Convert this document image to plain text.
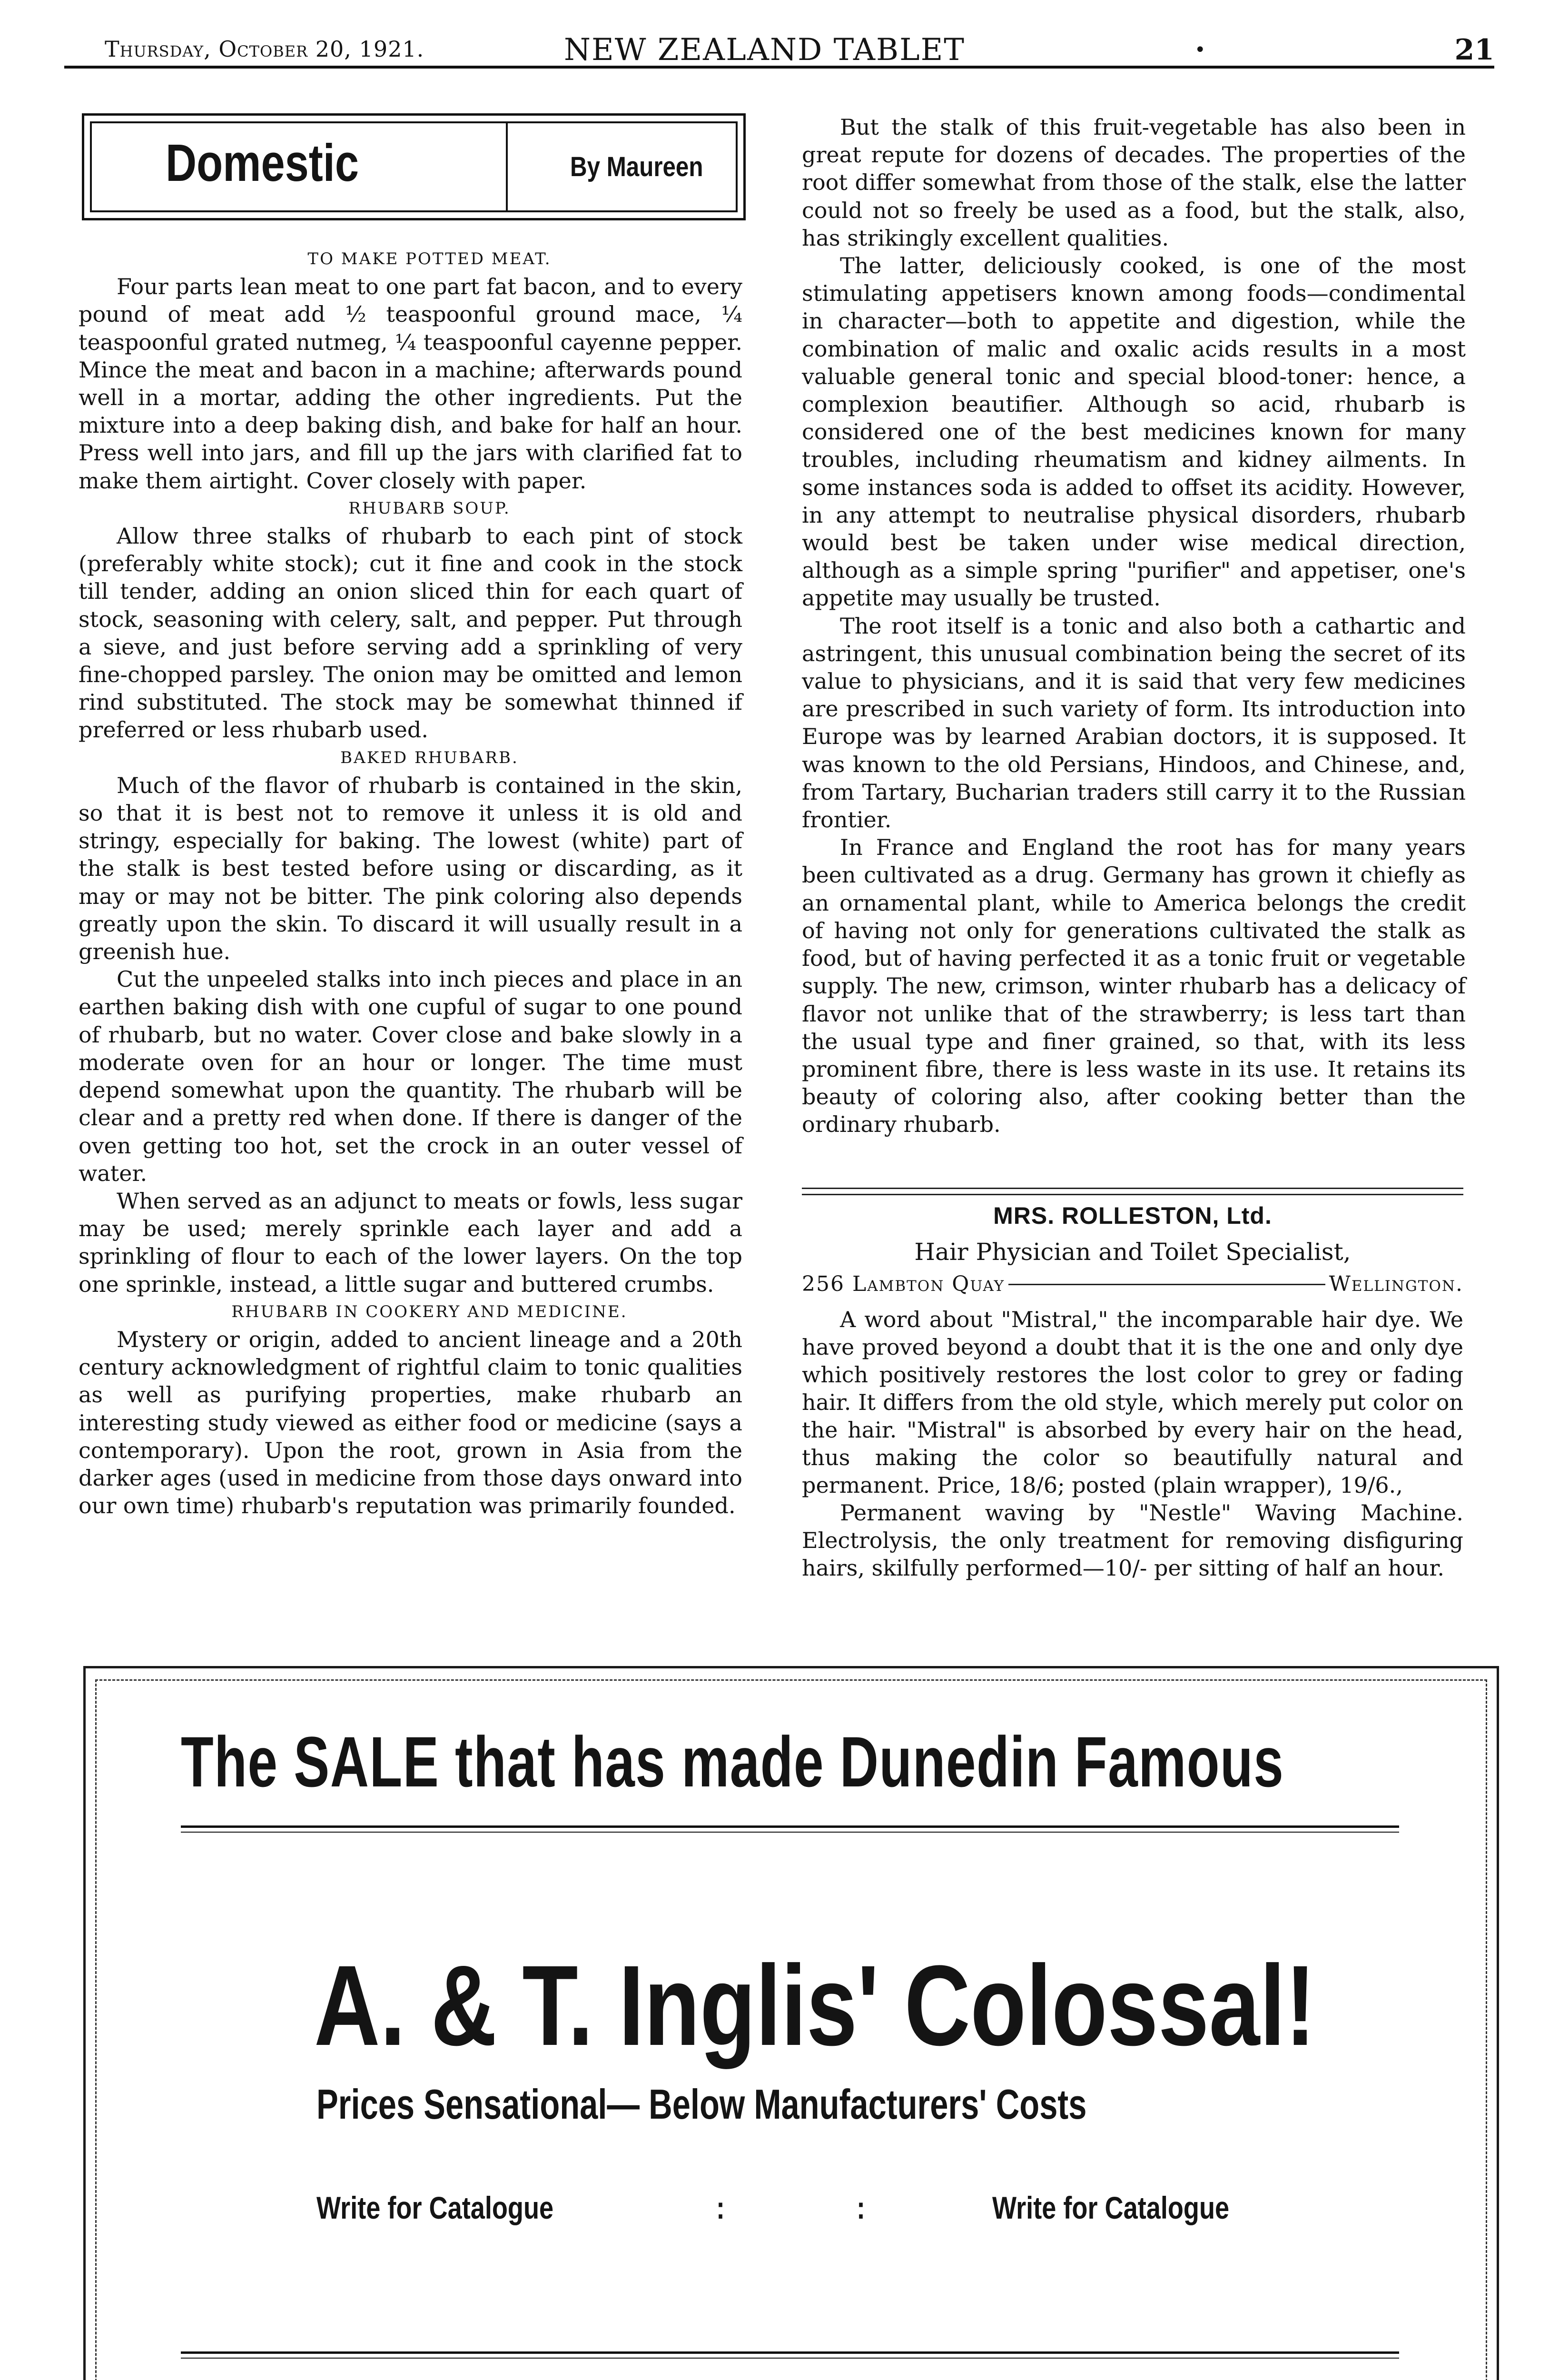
Thursday, October 20, 1921.	NEW ZEALAND TABLET	•	21
Domestic	By Maureen

TO MAKE POTTED MEAT.

Four parts lean meat to one part fat bacon, and to every pound of meat add ½ teaspoonful ground mace, ¼ teaspoonful grated nutmeg, ¼ teaspoonful cayenne pepper. Mince the meat and bacon in a machine; afterwards pound well in a mortar, adding the other ingredients. Put the mixture into a deep baking dish, and bake for half an hour. Press well into jars, and fill up the jars with clarified fat to make them airtight. Cover closely with paper.

RHUBARB SOUP.

Allow three stalks of rhubarb to each pint of stock (preferably white stock); cut it fine and cook in the stock till tender, adding an onion sliced thin for each quart of stock, seasoning with celery, salt, and pepper. Put through a sieve, and just before serving add a sprinkling of very fine-chopped parsley. The onion may be omitted and lemon rind substituted. The stock may be somewhat thinned if preferred or less rhubarb used.

BAKED RHUBARB.

Much of the flavor of rhubarb is contained in the skin, so that it is best not to remove it unless it is old and stringy, especially for baking. The lowest (white) part of the stalk is best tested before using or discarding, as it may or may not be bitter. The pink coloring also depends greatly upon the skin. To discard it will usually result in a greenish hue.

Cut the unpeeled stalks into inch pieces and place in an earthen baking dish with one cupful of sugar to one pound of rhubarb, but no water. Cover close and bake slowly in a moderate oven for an hour or longer. The time must depend somewhat upon the quantity. The rhubarb will be clear and a pretty red when done. If there is danger of the oven getting too hot, set the crock in an outer vessel of water.

When served as an adjunct to meats or fowls, less sugar may be used; merely sprinkle each layer and add a sprinkling of flour to each of the lower layers. On the top one sprinkle, instead, a little sugar and buttered crumbs.

RHUBARB IN COOKERY AND MEDICINE.

Mystery or origin, added to ancient lineage and a 20th century acknowledgment of rightful claim to tonic qualities as well as purifying properties, make rhubarb an interesting study viewed as either food or medicine (says a contemporary). Upon the root, grown in Asia from the darker ages (used in medicine from those days onward into our own time) rhubarb's reputation was primarily founded.

But the stalk of this fruit-vegetable has also been in great repute for dozens of decades. The properties of the root differ somewhat from those of the stalk, else the latter could not so freely be used as a food, but the stalk, also, has strikingly excellent qualities.

The latter, deliciously cooked, is one of the most stimulating appetisers known among foods—condimental in character—both to appetite and digestion, while the combination of malic and oxalic acids results in a most valuable general tonic and special blood-toner: hence, a complexion beautifier. Although so acid, rhubarb is considered one of the best medicines known for many troubles, including rheumatism and kidney ailments. In some instances soda is added to offset its acidity. However, in any attempt to neutralise physical disorders, rhubarb would best be taken under wise medical direction, although as a simple spring "purifier" and appetiser, one's appetite may usually be trusted.

The root itself is a tonic and also both a cathartic and astringent, this unusual combination being the secret of its value to physicians, and it is said that very few medicines are prescribed in such variety of form. Its introduction into Europe was by learned Arabian doctors, it is supposed. It was known to the old Persians, Hindoos, and Chinese, and, from Tartary, Bucharian traders still carry it to the Russian frontier.

In France and England the root has for many years been cultivated as a drug. Germany has grown it chiefly as an ornamental plant, while to America belongs the credit of having not only for generations cultivated the stalk as food, but of having perfected it as a tonic fruit or vegetable supply. The new, crimson, winter rhubarb has a delicacy of flavor not unlike that of the strawberry; is less tart than the usual type and finer grained, so that, with its less prominent fibre, there is less waste in its use. It retains its beauty of coloring also, after cooking better than the ordinary rhubarb.

MRS. ROLLESTON, Ltd.

Hair Physician and Toilet Specialist,

256 Lambton Quay	Wellington.

A word about "Mistral," the incomparable hair dye. We have proved beyond a doubt that it is the one and only dye which positively restores the lost color to grey or fading hair. It differs from the old style, which merely put color on the hair. "Mistral" is absorbed by every hair on the head, thus making the color so beautifully natural and permanent. Price, 18/6; posted (plain wrapper), 19/6.,

Permanent waving by "Nestle" Waving Machine. Electrolysis, the only treatment for removing disfiguring hairs, skilfully performed—10/- per sitting of half an hour.

The SALE that has made Dunedin Famous
A. & T. Inglis' Colossal!
Prices Sensational— Below Manufacturers' Costs
Write for Catalogue	:	:	Write for Catalogue
